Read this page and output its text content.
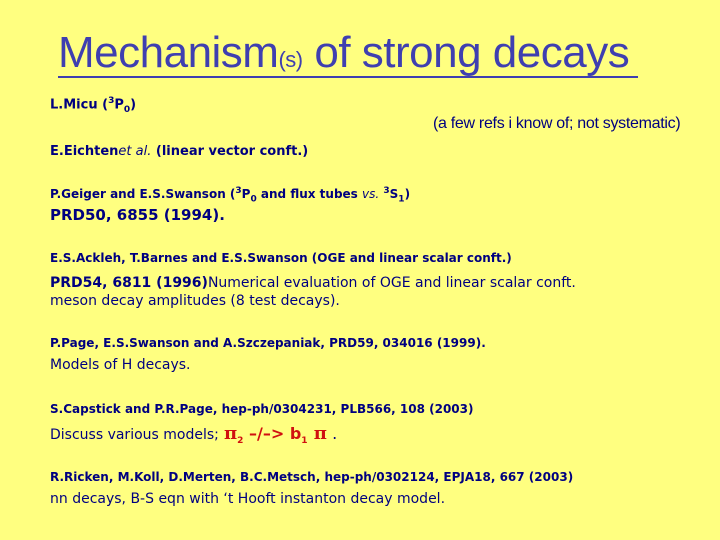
Mechanism(s) of strong decays
L.Micu $(^3P_0)$
(a few refs i know of; not systematic)
E.Eichtenet al. (linear vector conft.)
P.Geiger and E.S.Swanson ($^3P_0$ and flux tubes vs. $^3S_1$)
PRD50, 6855 (1994).
E.S.Ackleh, T.Barnes and E.S.Swanson (OGE and linear scalar conft.)
PRD54, 6811 (1996)Numerical evaluation of OGE and linear scalar conft.
meson decay amplitudes (8 test decays).
P.Page, E.S.Swanson and A.Szczepaniak, PRD59, 034016 (1999).
Models of H decays.
S.Capstick and P.R.Page, hep-ph/0304231, PLB566, 108 (2003)
Discuss various models; $\pi_2$ –/–> $b_1$ π .
R.Ricken, M.Koll, D.Merten, B.C.Metsch, hep-ph/0302124, EPJA18, 667 (2003)
nn decays, B-S eqn with ‘t Hooft instanton decay model.
